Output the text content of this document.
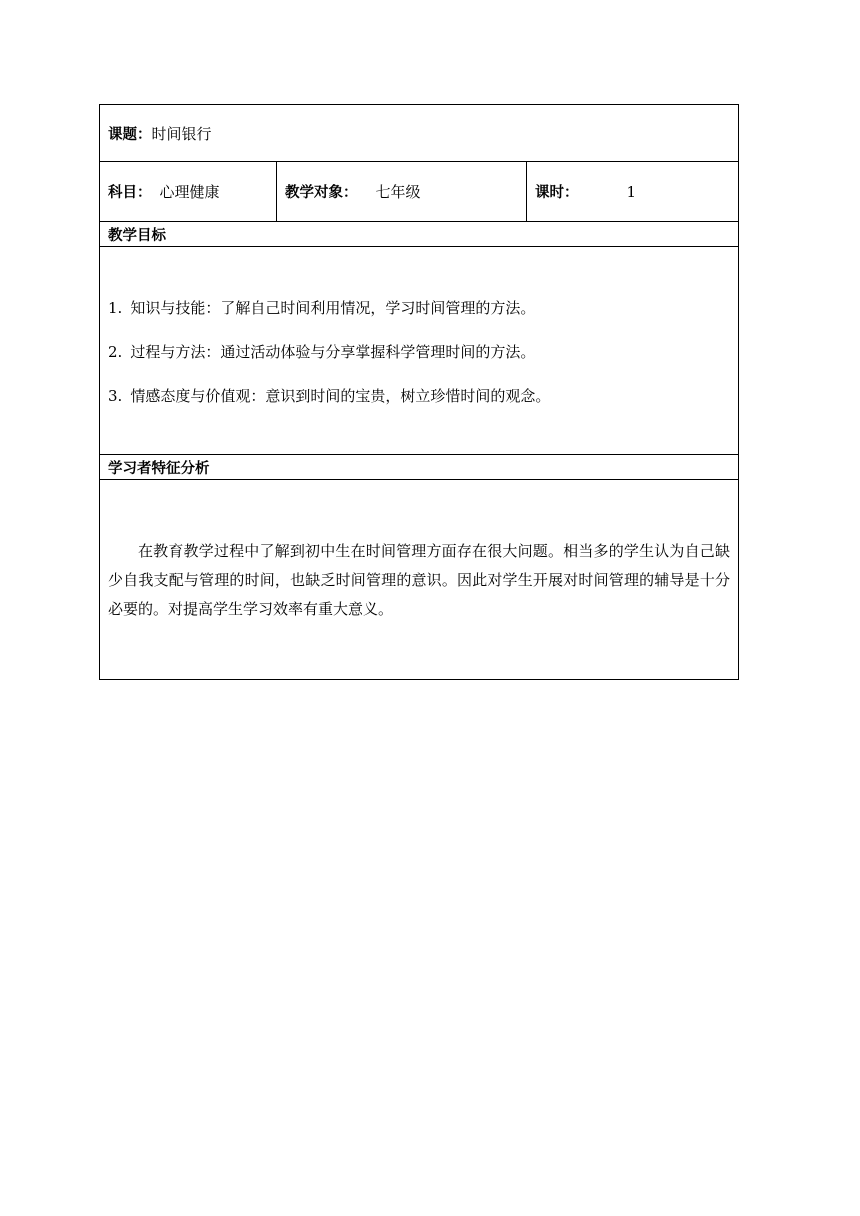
课题：时间银行
科目： 心理健康	教学对象： 七年级	课时：	1
教学目标

1. 知识与技能：了解自己时间利用情况，学习时间管理的方法。
2. 过程与方法：通过活动体验与分享掌握科学管理时间的方法。
3. 情感态度与价值观：意识到时间的宝贵，树立珍惜时间的观念。

学习者特征分析

在教育教学过程中了解到初中生在时间管理方面存在很大问题。相当多的学生认为自己缺少自我支配与管理的时间，也缺乏时间管理的意识。因此对学生开展对时间管理的辅导是十分必要的。对提高学生学习效率有重大意义。
